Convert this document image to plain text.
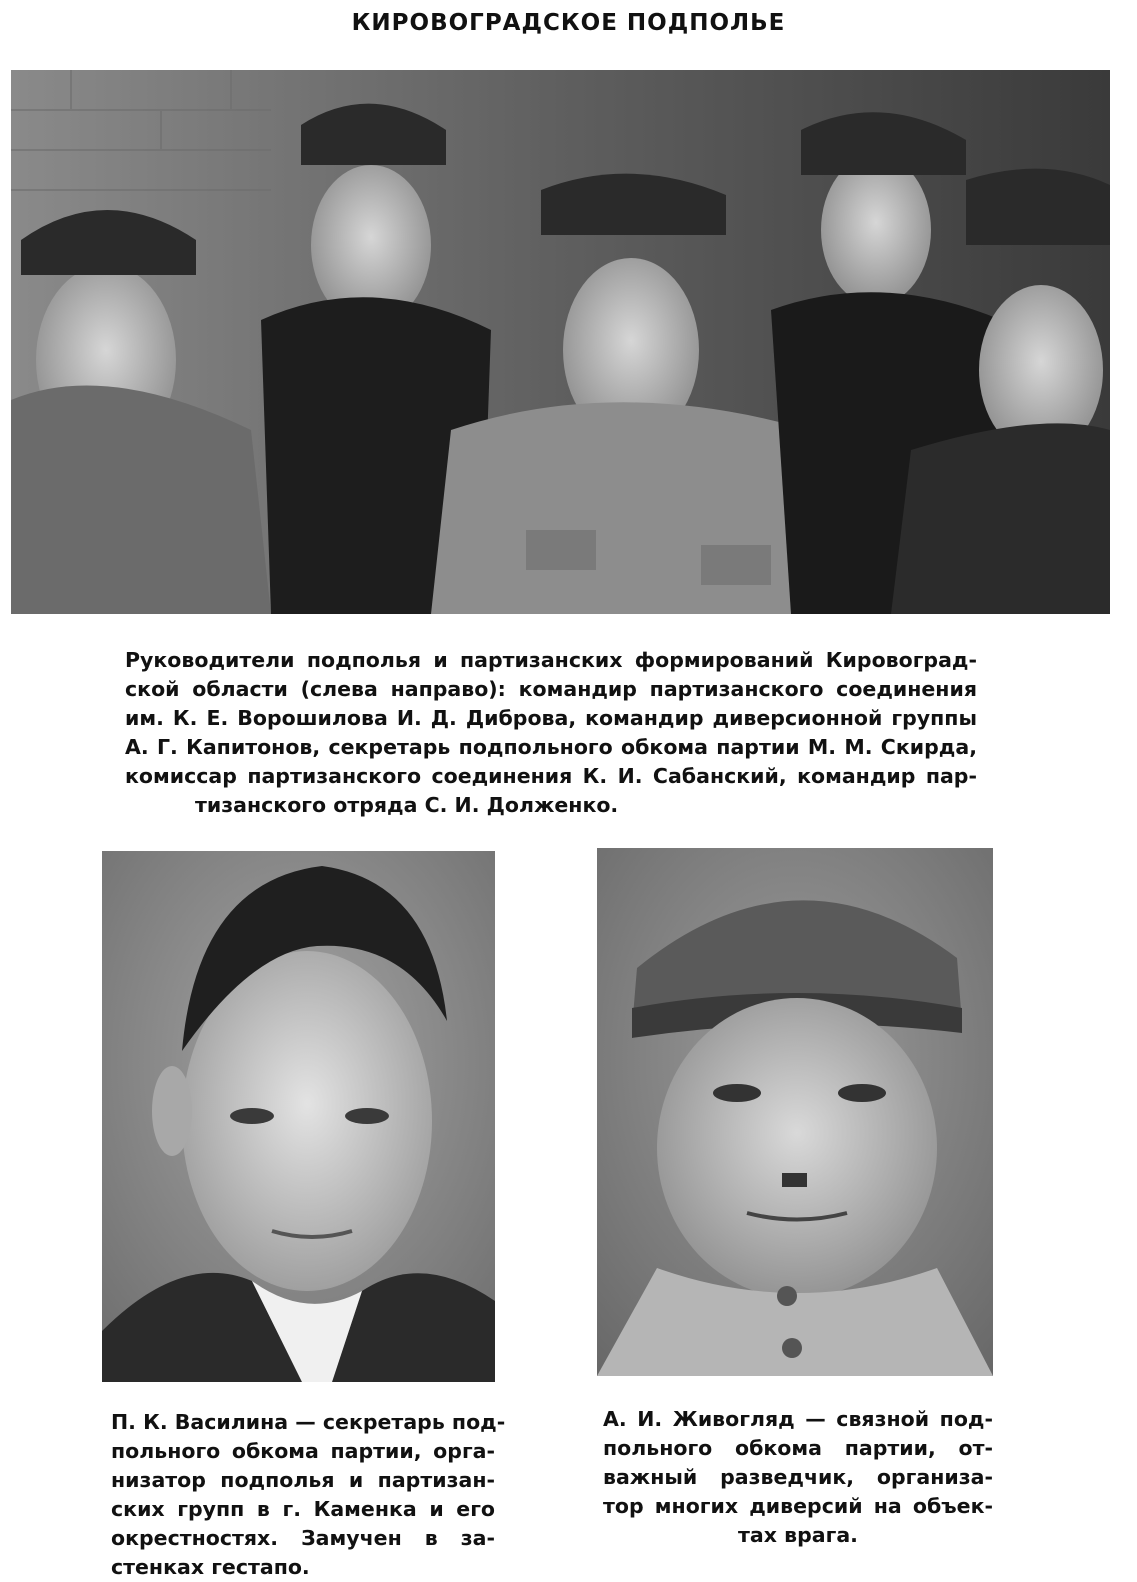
КИРОВОГРАДСКОЕ ПОДПОЛЬЕ
Руководители подполья и партизанских формирований Кировоград-
ской области (слева направо): командир партизанского соединения
им. К. Е. Ворошилова И. Д. Диброва, командир диверсионной группы
А. Г. Капитонов, секретарь подпольного обкома партии М. М. Скирда,
комиссар партизанского соединения К. И. Сабанский, командир пар-
тизанского отряда С. И. Долженко.
П. К. Василина — секретарь под-
польного обкома партии, орга-
низатор подполья и партизан-
ских групп в г. Каменка и его
окрестностях. Замучен в за-
стенках гестапо.
А. И. Живогляд — связной под-
польного обкома партии, от-
важный разведчик, организа-
тор многих диверсий на объек-
тах врага.
